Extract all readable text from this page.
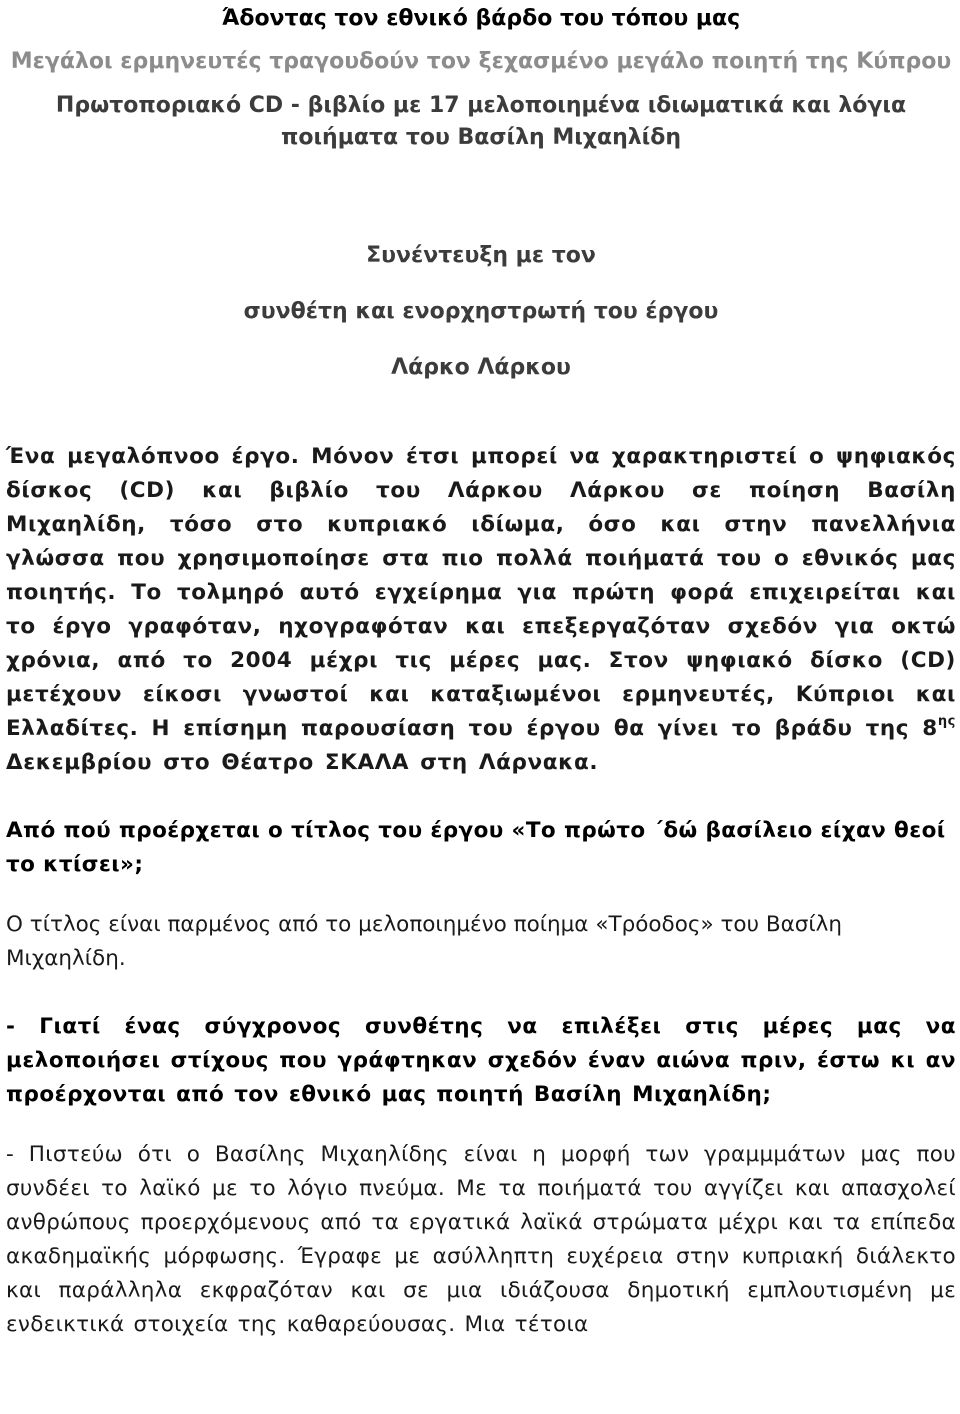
Άδοντας τον εθνικό βάρδο του τόπου μας
Μεγάλοι ερμηνευτές τραγουδούν τον ξεχασμένο μεγάλο ποιητή της Κύπρου
Πρωτοποριακό CD - βιβλίο με 17 μελοποιημένα ιδιωματικά και λόγια ποιήματα του Βασίλη Μιχαηλίδη

Συνέντευξη με τον

συνθέτη και ενορχηστρωτή του έργου

Λάρκο Λάρκου

Ένα μεγαλόπνοο έργο. Μόνον έτσι μπορεί να χαρακτηριστεί ο ψηφιακός δίσκος (CD) και βιβλίο του Λάρκου Λάρκου σε ποίηση Βασίλη Μιχαηλίδη, τόσο στο κυπριακό ιδίωμα, όσο και στην πανελλήνια γλώσσα που χρησιμοποίησε στα πιο πολλά ποιήματά του ο εθνικός μας ποιητής. Το τολμηρό αυτό εγχείρημα για πρώτη φορά επιχειρείται και το έργο γραφόταν, ηχογραφόταν και επεξεργαζόταν σχεδόν για οκτώ χρόνια, από το 2004 μέχρι τις μέρες μας. Στον ψηφιακό δίσκο (CD) μετέχουν είκοσι γνωστοί και καταξιωμένοι ερμηνευτές, Κύπριοι και Ελλαδίτες. Η επίσημη παρουσίαση του έργου θα γίνει το βράδυ της $8^{\eta\varsigma}$ Δεκεμβρίου στο Θέατρο ΣΚΑΛΑ στη Λάρνακα.

Από πού προέρχεται ο τίτλος του έργου «Το πρώτο ΄δώ βασίλειο είχαν θεοί το κτίσει»;

Ο τίτλος είναι παρμένος από το μελοποιημένο ποίημα «Τρόοδος» του Βασίλη Μιχαηλίδη.

- Γιατί ένας σύγχρονος συνθέτης να επιλέξει στις μέρες μας να μελοποιήσει στίχους που γράφτηκαν σχεδόν έναν αιώνα πριν, έστω κι αν προέρχονται από τον εθνικό μας ποιητή Βασίλη Μιχαηλίδη;

- Πιστεύω ότι ο Βασίλης Μιχαηλίδης είναι η μορφή των γραμμμάτων μας που συνδέει το λαϊκό με το λόγιο πνεύμα. Με τα ποιήματά του αγγίζει και απασχολεί ανθρώπους προερχόμενους από τα εργατικά λαϊκά στρώματα μέχρι και τα επίπεδα ακαδημαϊκής μόρφωσης. Έγραφε με ασύλληπτη ευχέρεια στην κυπριακή διάλεκτο και παράλληλα εκφραζόταν και σε μια ιδιάζουσα δημοτική εμπλουτισμένη με ενδεικτικά στοιχεία της καθαρεύουσας. Μια τέτοια
